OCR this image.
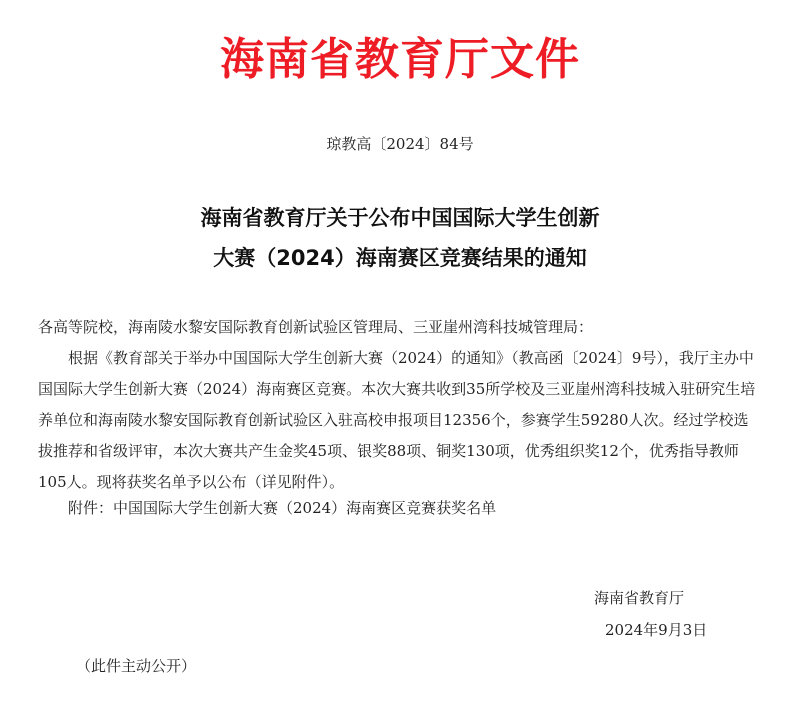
海南省教育厅文件
琼教高〔2024〕84号
海南省教育厅关于公布中国国际大学生创新
大赛（2024）海南赛区竞赛结果的通知
各高等院校，海南陵水黎安国际教育创新试验区管理局、三亚崖州湾科技城管理局：
根据《教育部关于举办中国国际大学生创新大赛（2024）的通知》（教高函〔2024〕9号），我厅主办中国国际大学生创新大赛（2024）海南赛区竞赛。本次大赛共收到35所学校及三亚崖州湾科技城入驻研究生培养单位和海南陵水黎安国际教育创新试验区入驻高校申报项目12356个，参赛学生59280人次。经过学校选拔推荐和省级评审，本次大赛共产生金奖45项、银奖88项、铜奖130项，优秀组织奖12个，优秀指导教师105人。现将获奖名单予以公布（详见附件）。
附件：中国国际大学生创新大赛（2024）海南赛区竞赛获奖名单
海南省教育厅
2024年9月3日
（此件主动公开）
